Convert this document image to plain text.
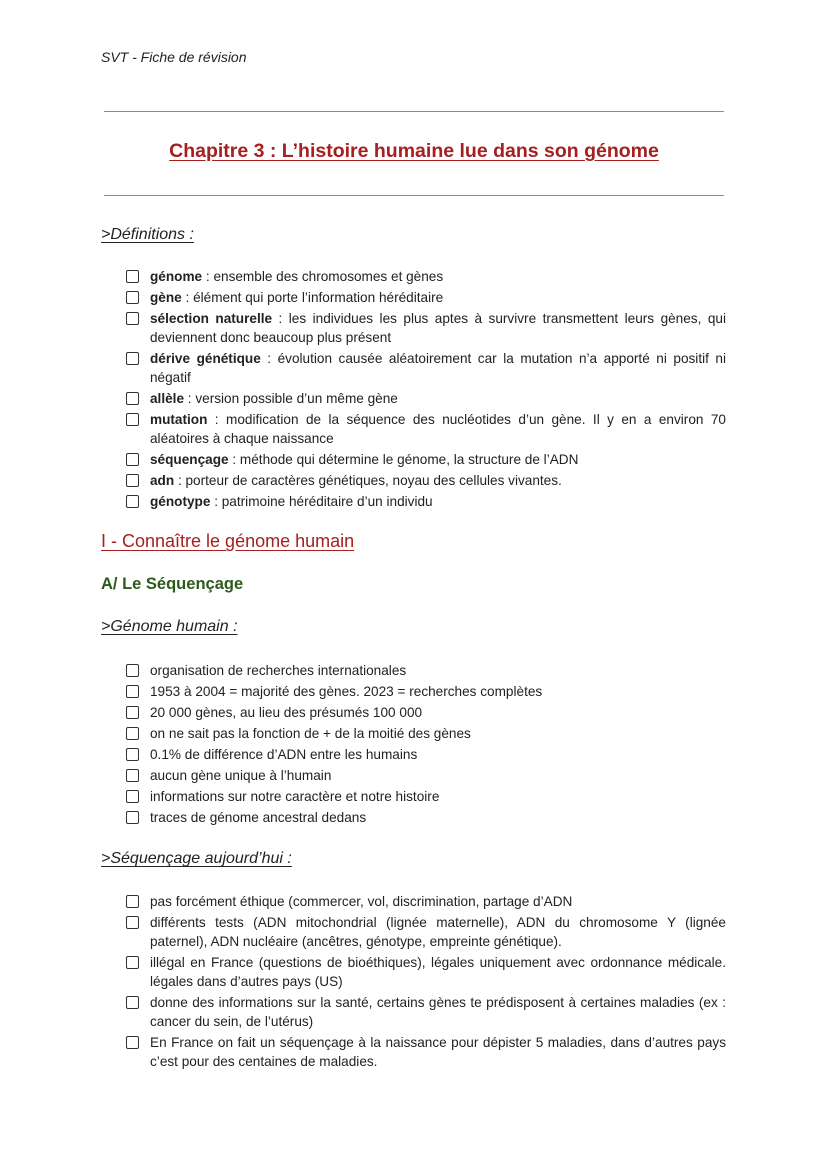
SVT - Fiche de révision
Chapitre 3 : L’histoire humaine lue dans son génome
>Définitions :
génome : ensemble des chromosomes et gènes
gène : élément qui porte l’information héréditaire
sélection naturelle : les individues les plus aptes à survivre transmettent leurs gènes, qui deviennent donc beaucoup plus présent
dérive génétique : évolution causée aléatoirement car la mutation n’a apporté ni positif ni négatif
allèle : version possible d’un même gène
mutation : modification de la séquence des nucléotides d’un gène. Il y en a environ 70 aléatoires à chaque naissance
séquençage : méthode qui détermine le génome, la structure de l’ADN
adn : porteur de caractères génétiques, noyau des cellules vivantes.
génotype : patrimoine héréditaire d’un individu
I - Connaître le génome humain
A/ Le Séquençage
>Génome humain :
organisation de recherches internationales
1953 à 2004 = majorité des gènes. 2023 = recherches complètes
20 000 gènes, au lieu des présumés 100 000
on ne sait pas la fonction de + de la moitié des gènes
0.1% de différence d’ADN entre les humains
aucun gène unique à l’humain
informations sur notre caractère et notre histoire
traces de génome ancestral dedans
>Séquençage aujourd’hui :
pas forcément éthique (commercer, vol, discrimination, partage d’ADN
différents tests (ADN mitochondrial (lignée maternelle), ADN du chromosome Y (lignée paternel), ADN nucléaire (ancêtres, génotype, empreinte génétique).
illégal en France (questions de bioéthiques), légales uniquement avec ordonnance médicale. légales dans d’autres pays (US)
donne des informations sur la santé, certains gènes te prédisposent à certaines maladies (ex : cancer du sein, de l’utérus)
En France on fait un séquençage à la naissance pour dépister 5 maladies, dans d’autres pays c’est pour des centaines de maladies.
